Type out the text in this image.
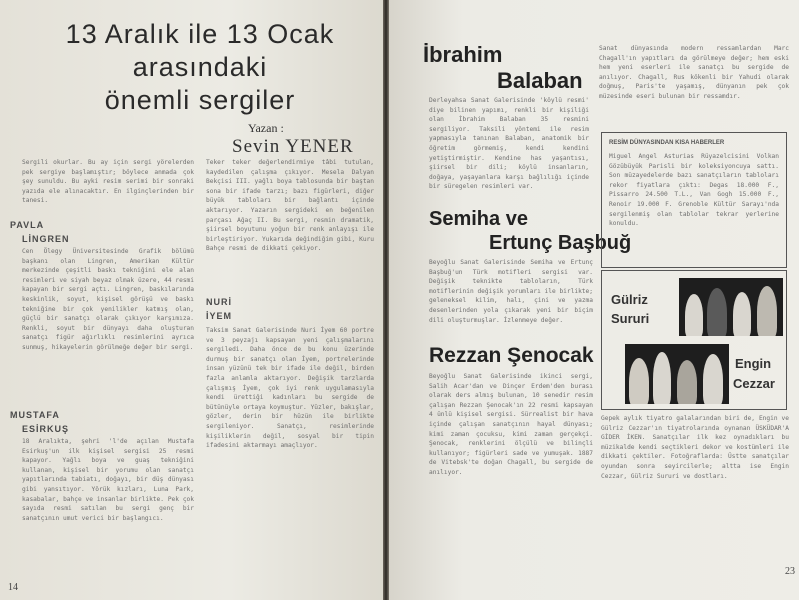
13 Aralık ile 13 Ocak
arasındaki
önemli sergiler
Yazan :
Sevin YENER
Sergili okurlar. Bu ay için sergi yörelerden pek sergiye başlamıştır; böylece anmada çok şey sunuldu. Bu ayki resim serimi bir sonraki yazıda ele alınacaktır. En ilginçlerinden bir tanesi.
PAVLA
LİNGREN
Cen Ölegy Üniversitesinde Grafik bölümü başkanı olan Lingren, Amerikan Kültür merkezinde çeşitli baskı tekniğini ele alan resimleri ve siyah beyaz olmak üzere, 44 resmi kapayan bir sergi açtı. Lingren, baskılarında keskinlik, soyut, kişisel görüşü ve baskı tekniğine bir çok yenilikler katmış olan, güçlü bir sanatçı olarak çıkıyor karşımıza. Renkli, soyut bir dünyayı daha oluşturan sanatçı figür ağırlıklı resimlerini ayrıca sunmuş, hikayelerin görülmeğe değer bir sergi.
MUSTAFA
ESİRKUŞ
18 Aralıkta, şehri 'l'de açılan Mustafa Esirkuş'un ilk kişisel sergisi 25 resmi kapayor. Yağlı boya ve guaş tekniğini kullanan, kişisel bir yorumu olan sanatçı yapıtlarında tabiatı, doğayı, bir düş dünyası gibi yansıtıyor. Yörük kızları, Luna Park, kasabalar, bahçe ve insanlar birlikte. Pek çok sayıda resmi satılan bu sergi genç bir sanatçının umut verici bir başlangıcı.
Teker teker değerlendirmiye tâbi tutulan, kaydedilen çalışma çıkıyor. Mesela Dalyan Bekçisi III. yağlı boya tablosunda bir baştan sona bir ifade tarzı; bazı figürleri, diğer büyük tabloları bir bağlantı içinde aktarıyor. Yazarın sergideki en beğenilen parçası Ağaç II. Bu sergi, resmin dramatik, şiirsel boyutunu yoğun bir renk anlayışı ile birleştiriyor. Yukarıda değindiğim gibi, Kuru Bahçe resmi de dikkati çekiyor.
NURİ
İYEM
Taksim Sanat Galerisinde Nuri İyem 60 portre ve 3 peyzajı kapsayan yeni çalışmalarını sergiledi. Daha önce de bu konu üzerinde durmuş bir sanatçı olan İyem, portrelerinde insan yüzünü tek bir ifade ile değil, birden fazla anlamla aktarıyor. Değişik tarzlarda çalışmış İyem, çok iyi renk uygulamasıyla kendi ürettiği kadınları bu sergide de bütünüyle ortaya koymuştur. Yüzler, bakışlar, gözler, derin bir hüzün ile birlikte sergileniyor. Sanatçı, resimlerinde kişiliklerin değil, sosyal bir tipin ifadesini aktarmayı amaçlıyor.
14
İbrahim
Balaban
Derleyahsa Sanat Galerisinde 'köylü resmi' diye bilinen yapımı, renkli bir kişiliği olan İbrahim Balaban 35 resmini sergiliyor. Taksili yöntemi ile resim yapmasıyla tanınan Balaban, anatomik bir öğretim görmemiş, kendi kendini yetiştirmiştir. Kendine has yaşantısı, şiirsel bir dili; köylü insanların, doğaya, yaşayanlara karşı bağlılığı içinde bir süregelen resimleri var.
Semiha ve
Ertunç Başbuğ
Beyoğlu Sanat Galerisinde Semiha ve Ertunç Başbuğ'un Türk motifleri sergisi var. Değişik teknikte tabloların, Türk motiflerinin değişik yorumları ile birlikte; geleneksel kilim, halı, çini ve yazma desenlerinden yola çıkarak yeni bir biçim dili oluşturmuşlar. İzlenmeye değer.
Rezzan Şenocak
Beyoğlu Sanat Galerisinde ikinci sergi, Salih Acar'dan ve Dinçer Erdem'den burası olarak ders almış bulunan, 10 senedir resim çalışan Rezzan Şenocak'ın 22 resmi kapsayan 4 ünlü kişisel sergisi. Sürrealist bir hava içinde çalışan sanatçının hayal dünyası; kimi zaman çocuksu, kimi zaman gerçekçi. Şenocak, renklerini ölçülü ve bilinçli kullanıyor; figürleri sade ve yumuşak. 1887 de Vitebsk'te doğan Chagall, bu sergide de anılıyor.
Sanat dünyasında modern ressamlardan Marc Chagall'ın yapıtları da görülmeye değer; hem eski hem yeni eserleri ile sanatçı bu sergide de anılıyor. Chagall, Rus kökenli bir Yahudi olarak doğmuş, Paris'te yaşamış, dünyanın pek çok müzesinde eseri bulunan bir ressamdır.
RESİM DÜNYASINDAN KISA HABERLER
Miguel Angel Asturias Rüyazelcisini Volkan Gözübüyük Parisli bir koleksiyoncuya sattı. Son müzayedelerde bazı sanatçıların tabloları rekor fiyatlara çıktı: Degas 18.000 F., Pissarro 24.500 T.L., Van Gogh 15.000 F., Renoir 19.000 F. Grenoble Kültür Sarayı'nda sergilenmiş olan tablolar tekrar yerlerine konuldu.
Gülriz
Sururi
Engin
Cezzar
Gepek aylık tiyatro galalarından biri de, Engin ve Gülriz Cezzar'ın tiyatrolarında oynanan ÜSKÜDAR'A GİDER İKEN. Sanatçılar ilk kez oynadıkları bu müzikalde kendi seçtikleri dekor ve kostümleri ile dikkati çektiler. Fotoğraflarda: Üstte sanatçılar oyundan sonra seyircilerle; altta ise Engin Cezzar, Gülriz Sururi ve dostları.
23
